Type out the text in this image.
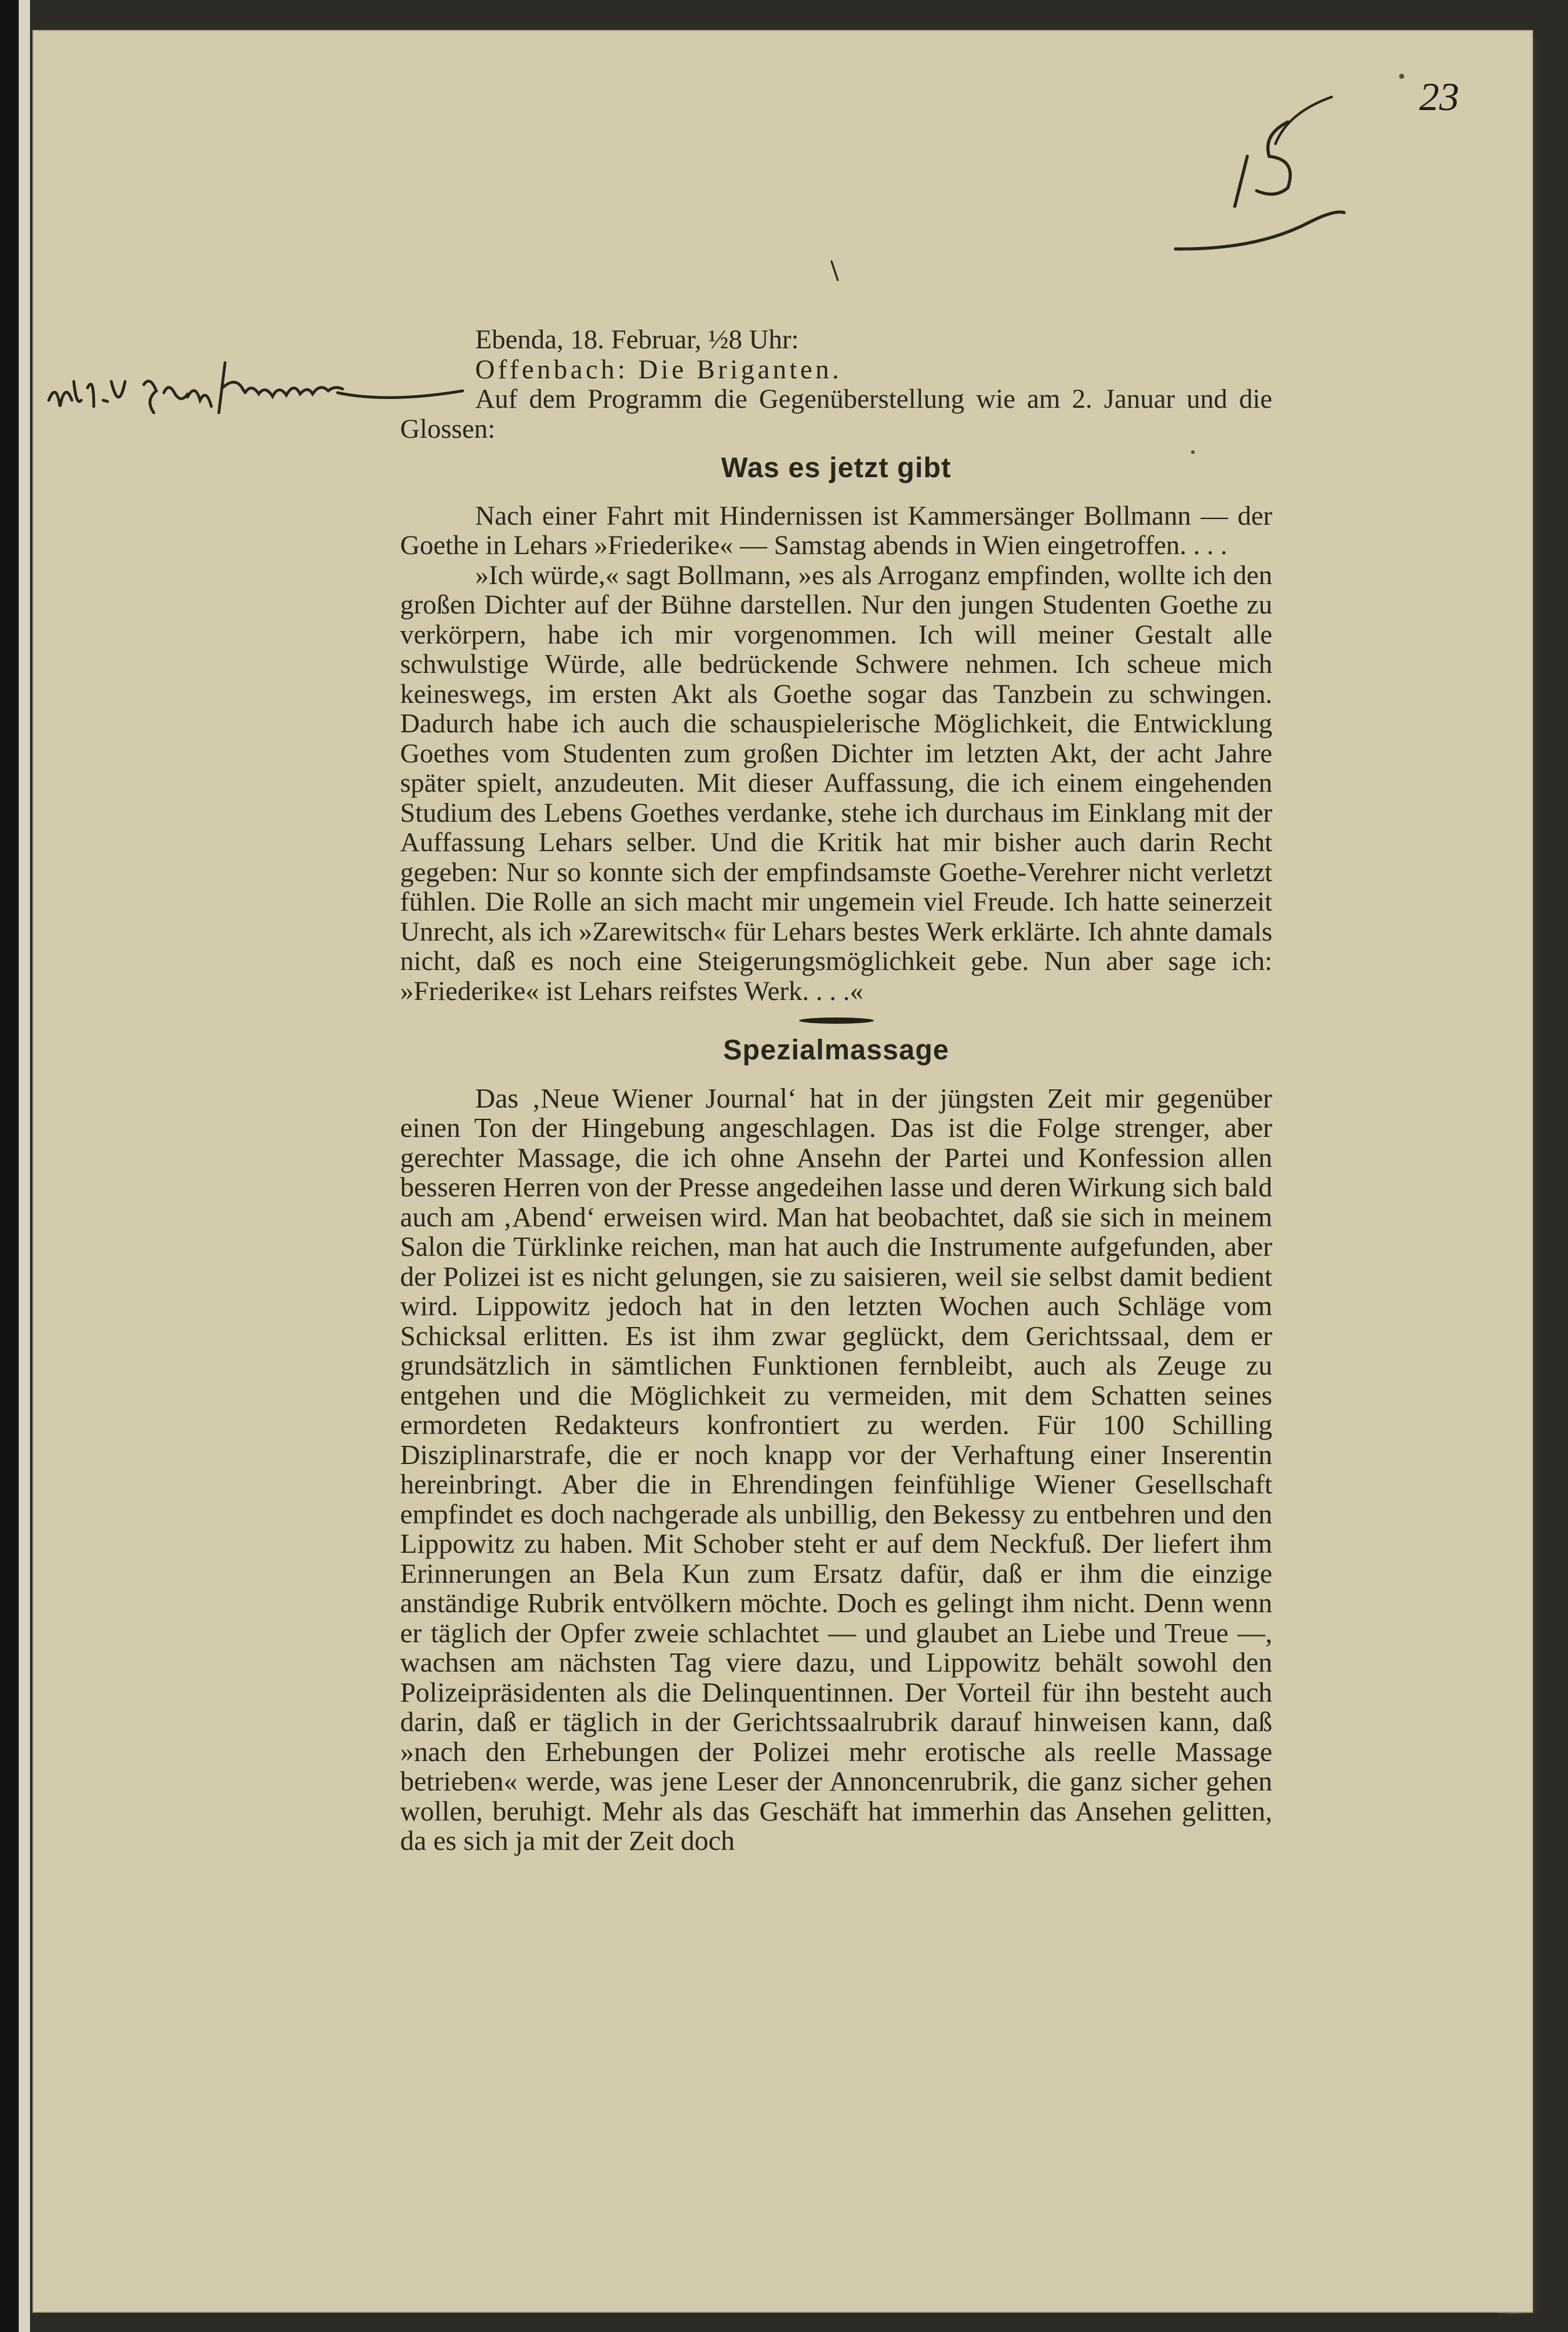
23
15
Ab. 3: Conrad Kneppel
Ebenda, 18. Februar, ½8 Uhr:
Offenbach: Die Briganten.

Auf dem Programm die Gegenüberstellung wie am 2. Januar und die Glossen:

Was es jetzt gibt

Nach einer Fahrt mit Hindernissen ist Kammersänger Bollmann — der Goethe in Lehars »Friederike« — Samstag abends in Wien eingetroffen. . . .

»Ich würde,« sagt Bollmann, »es als Arroganz empfinden, wollte ich den großen Dichter auf der Bühne darstellen. Nur den jungen Studenten Goethe zu verkörpern, habe ich mir vorgenommen. Ich will meiner Gestalt alle schwulstige Würde, alle bedrückende Schwere nehmen. Ich scheue mich keineswegs, im ersten Akt als Goethe sogar das Tanzbein zu schwingen. Dadurch habe ich auch die schauspielerische Möglichkeit, die Entwicklung Goethes vom Studenten zum großen Dichter im letzten Akt, der acht Jahre später spielt, anzudeuten. Mit dieser Auffassung, die ich einem eingehenden Studium des Lebens Goethes verdanke, stehe ich durchaus im Einklang mit der Auffassung Lehars selber. Und die Kritik hat mir bisher auch darin Recht gegeben: Nur so konnte sich der empfindsamste Goethe-Verehrer nicht verletzt fühlen. Die Rolle an sich macht mir ungemein viel Freude. Ich hatte seinerzeit Unrecht, als ich »Zarewitsch« für Lehars bestes Werk erklärte. Ich ahnte damals nicht, daß es noch eine Steigerungsmöglichkeit gebe. Nun aber sage ich: »Friederike« ist Lehars reifstes Werk. . . .«

Spezialmassage

Das ‚Neue Wiener Journal‘ hat in der jüngsten Zeit mir gegenüber einen Ton der Hingebung angeschlagen. Das ist die Folge strenger, aber gerechter Massage, die ich ohne Ansehn der Partei und Konfession allen besseren Herren von der Presse angedeihen lasse und deren Wirkung sich bald auch am ‚Abend‘ erweisen wird. Man hat beobachtet, daß sie sich in meinem Salon die Türklinke reichen, man hat auch die Instrumente aufgefunden, aber der Polizei ist es nicht gelungen, sie zu saisieren, weil sie selbst damit bedient wird. Lippowitz jedoch hat in den letzten Wochen auch Schläge vom Schicksal erlitten. Es ist ihm zwar geglückt, dem Gerichtssaal, dem er grundsätzlich in sämtlichen Funktionen fernbleibt, auch als Zeuge zu entgehen und die Möglichkeit zu vermeiden, mit dem Schatten seines ermordeten Redakteurs konfrontiert zu werden. Für 100 Schilling Disziplinarstrafe, die er noch knapp vor der Verhaftung einer Inserentin hereinbringt. Aber die in Ehrendingen feinfühlige Wiener Gesellschaft empfindet es doch nachgerade als unbillig, den Bekessy zu entbehren und den Lippowitz zu haben. Mit Schober steht er auf dem Neckfuß. Der liefert ihm Erinnerungen an Bela Kun zum Ersatz dafür, daß er ihm die einzige anständige Rubrik entvölkern möchte. Doch es gelingt ihm nicht. Denn wenn er täglich der Opfer zweie schlachtet — und glaubet an Liebe und Treue —, wachsen am nächsten Tag viere dazu, und Lippowitz behält sowohl den Polizeipräsidenten als die Delinquentinnen. Der Vorteil für ihn besteht auch darin, daß er täglich in der Gerichtssaalrubrik darauf hinweisen kann, daß »nach den Erhebungen der Polizei mehr erotische als reelle Massage betrieben« werde, was jene Leser der Annoncenrubrik, die ganz sicher gehen wollen, beruhigt. Mehr als das Geschäft hat immerhin das Ansehen gelitten, da es sich ja mit der Zeit doch
